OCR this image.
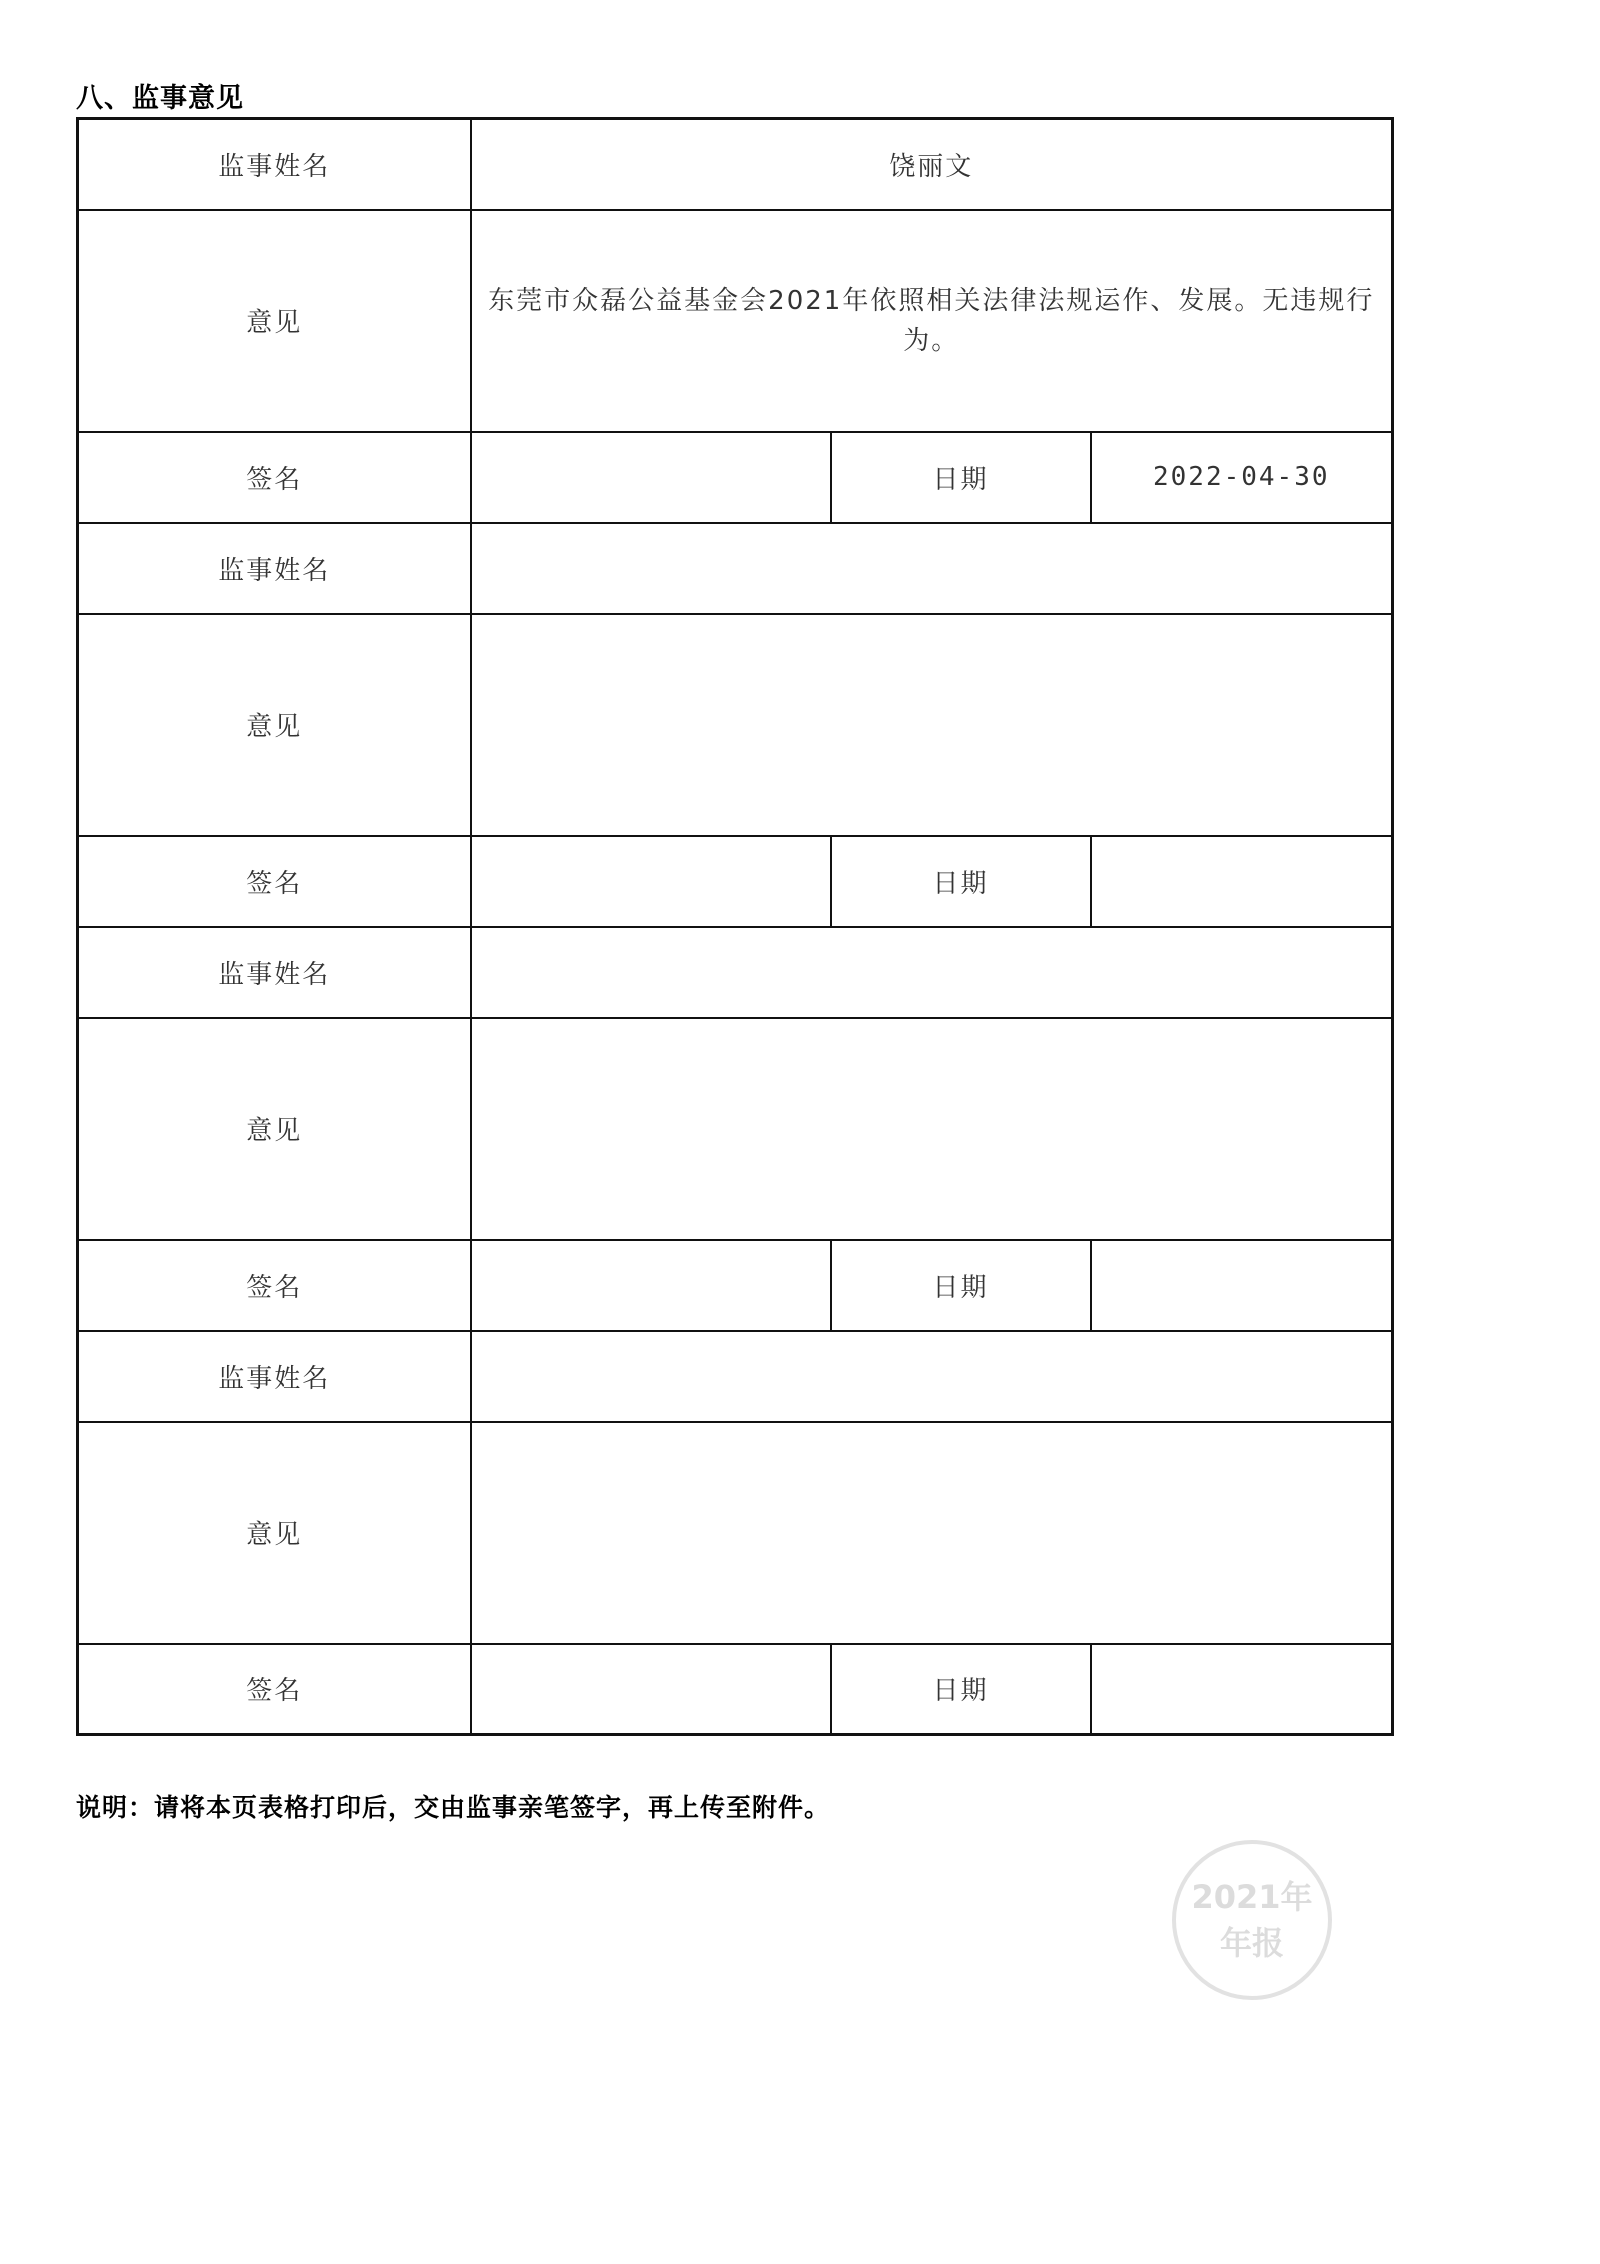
八、监事意见
监事姓名	饶丽文		
意见	东莞市众磊公益基金会2021年依照相关法律法规运作、发展。无违规行为。		
签名		日期	2022-04-30
监事姓名			
意见			
签名		日期	
监事姓名			
意见			
签名		日期	
监事姓名			
意见			
签名		日期	

说明：请将本页表格打印后，交由监事亲笔签字，再上传至附件。

2021年
年报
